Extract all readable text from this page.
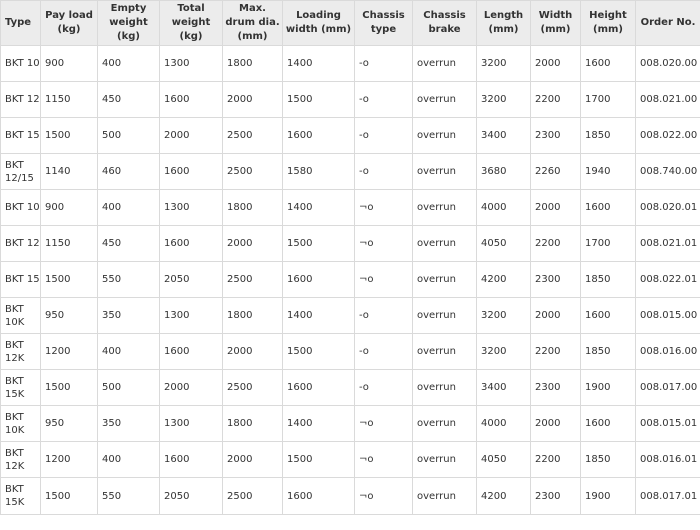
Type	Pay load (kg)	Empty weight (kg)	Total weight (kg)	Max. drum dia. (mm)	Loading width (mm)	Chassis type	Chassis brake	Length (mm)	Width (mm)	Height (mm)	Order No.
BKT 10	900	400	1300	1800	1400	-o	overrun	3200	2000	1600	008.020.00
BKT 12	1150	450	1600	2000	1500	-o	overrun	3200	2200	1700	008.021.00
BKT 15	1500	500	2000	2500	1600	-o	overrun	3400	2300	1850	008.022.00
BKT 12/15	1140	460	1600	2500	1580	-o	overrun	3680	2260	1940	008.740.00
BKT 10	900	400	1300	1800	1400	¬o	overrun	4000	2000	1600	008.020.01
BKT 12	1150	450	1600	2000	1500	¬o	overrun	4050	2200	1700	008.021.01
BKT 15	1500	550	2050	2500	1600	¬o	overrun	4200	2300	1850	008.022.01
BKT 10K	950	350	1300	1800	1400	-o	overrun	3200	2000	1600	008.015.00
BKT 12K	1200	400	1600	2000	1500	-o	overrun	3200	2200	1850	008.016.00
BKT 15K	1500	500	2000	2500	1600	-o	overrun	3400	2300	1900	008.017.00
BKT 10K	950	350	1300	1800	1400	¬o	overrun	4000	2000	1600	008.015.01
BKT 12K	1200	400	1600	2000	1500	¬o	overrun	4050	2200	1850	008.016.01
BKT 15K	1500	550	2050	2500	1600	¬o	overrun	4200	2300	1900	008.017.01
